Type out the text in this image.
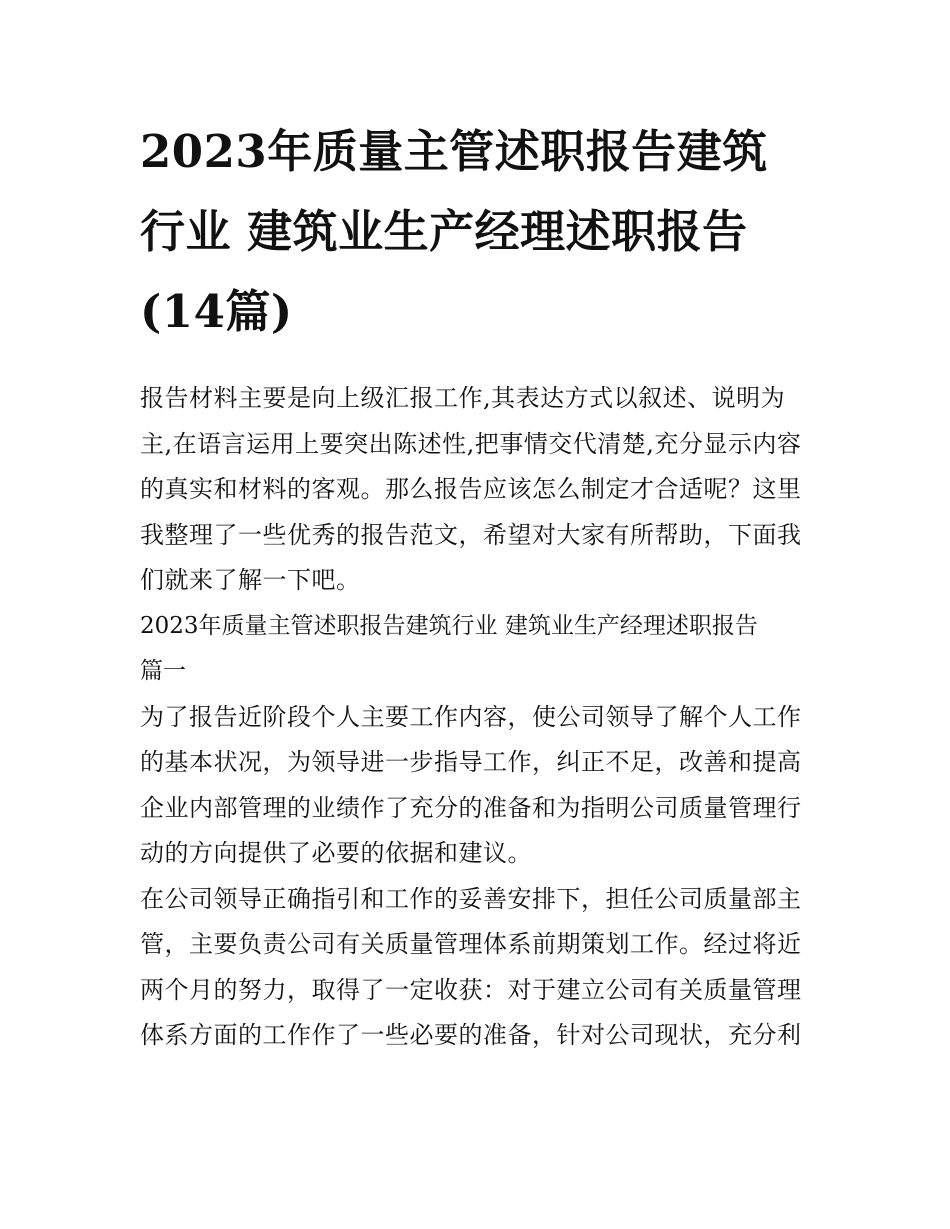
2023年质量主管述职报告建筑
行业 建筑业生产经理述职报告
(14篇)
报告材料主要是向上级汇报工作,其表达方式以叙述、说明为
主,在语言运用上要突出陈述性,把事情交代清楚,充分显示内容
的真实和材料的客观。那么报告应该怎么制定才合适呢？这里
我整理了一些优秀的报告范文，希望对大家有所帮助，下面我
们就来了解一下吧。
2023年质量主管述职报告建筑行业 建筑业生产经理述职报告
篇一
为了报告近阶段个人主要工作内容，使公司领导了解个人工作
的基本状况，为领导进一步指导工作，纠正不足，改善和提高
企业内部管理的业绩作了充分的准备和为指明公司质量管理行
动的方向提供了必要的依据和建议。
在公司领导正确指引和工作的妥善安排下，担任公司质量部主
管，主要负责公司有关质量管理体系前期策划工作。经过将近
两个月的努力，取得了一定收获：对于建立公司有关质量管理
体系方面的工作作了一些必要的准备，针对公司现状，充分利
